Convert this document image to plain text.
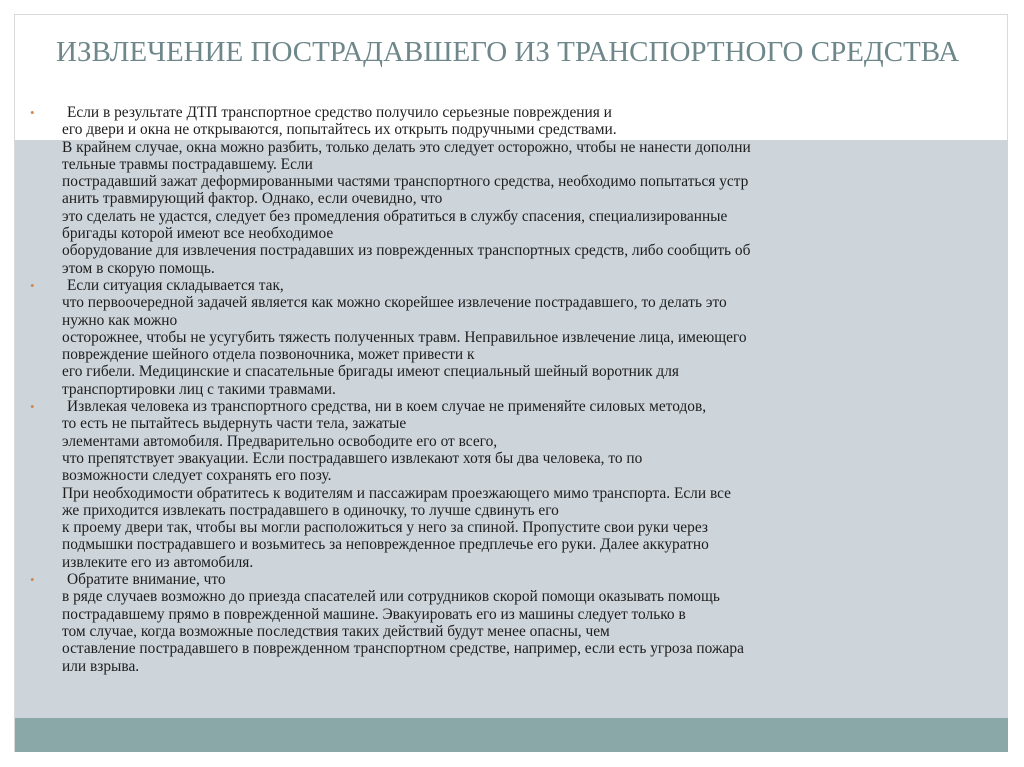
ИЗВЛЕЧЕНИЕ ПОСТРАДАВШЕГО ИЗ ТРАНСПОРТНОГО СРЕДСТВА
•	Если в результате ДТП транспортное средство получило серьезные повреждения и
его двери и окна не открываются, попытайтесь их открыть подручными средствами.
В крайнем случае, окна можно разбить, только делать это следует осторожно, чтобы не нанести дополни
тельные травмы пострадавшему. Если
пострадавший зажат деформированными частями транспортного средства, необходимо попытаться устр
анить травмирующий фактор. Однако, если очевидно, что
это сделать не удастся, следует без промедления обратиться в службу спасения, специализированные
бригады которой имеют все необходимое
оборудование для извлечения пострадавших из поврежденных транспортных средств, либо сообщить об
этом в скорую помощь.
•	Если ситуация складывается так,
что первоочередной задачей является как можно скорейшее извлечение пострадавшего, то делать это
нужно как можно
осторожнее, чтобы не усугубить тяжесть полученных травм. Неправильное извлечение лица, имеющего
повреждение шейного отдела позвоночника, может привести к
его гибели. Медицинские и спасательные бригады имеют специальный шейный воротник для
транспортировки лиц с такими травмами.
•	Извлекая человека из транспортного средства, ни в коем случае не применяйте силовых методов,
то есть не пытайтесь выдернуть части тела, зажатые
элементами автомобиля. Предварительно освободите его от всего,
что препятствует эвакуации. Если пострадавшего извлекают хотя бы два человека, то по
возможности следует сохранять его позу.
При необходимости обратитесь к водителям и пассажирам проезжающего мимо транспорта. Если все
же приходится извлекать пострадавшего в одиночку, то лучше сдвинуть его
к проему двери так, чтобы вы могли расположиться у него за спиной. Пропустите свои руки через
подмышки пострадавшего и возьмитесь за неповрежденное предплечье его руки. Далее аккуратно
извлеките его из автомобиля.
•	Обратите внимание, что
в ряде случаев возможно до приезда спасателей или сотрудников скорой помощи оказывать помощь
пострадавшему прямо в поврежденной машине. Эвакуировать его из машины следует только в
том случае, когда возможные последствия таких действий будут менее опасны, чем
оставление пострадавшего в поврежденном транспортном средстве, например, если есть угроза пожара
или взрыва.
